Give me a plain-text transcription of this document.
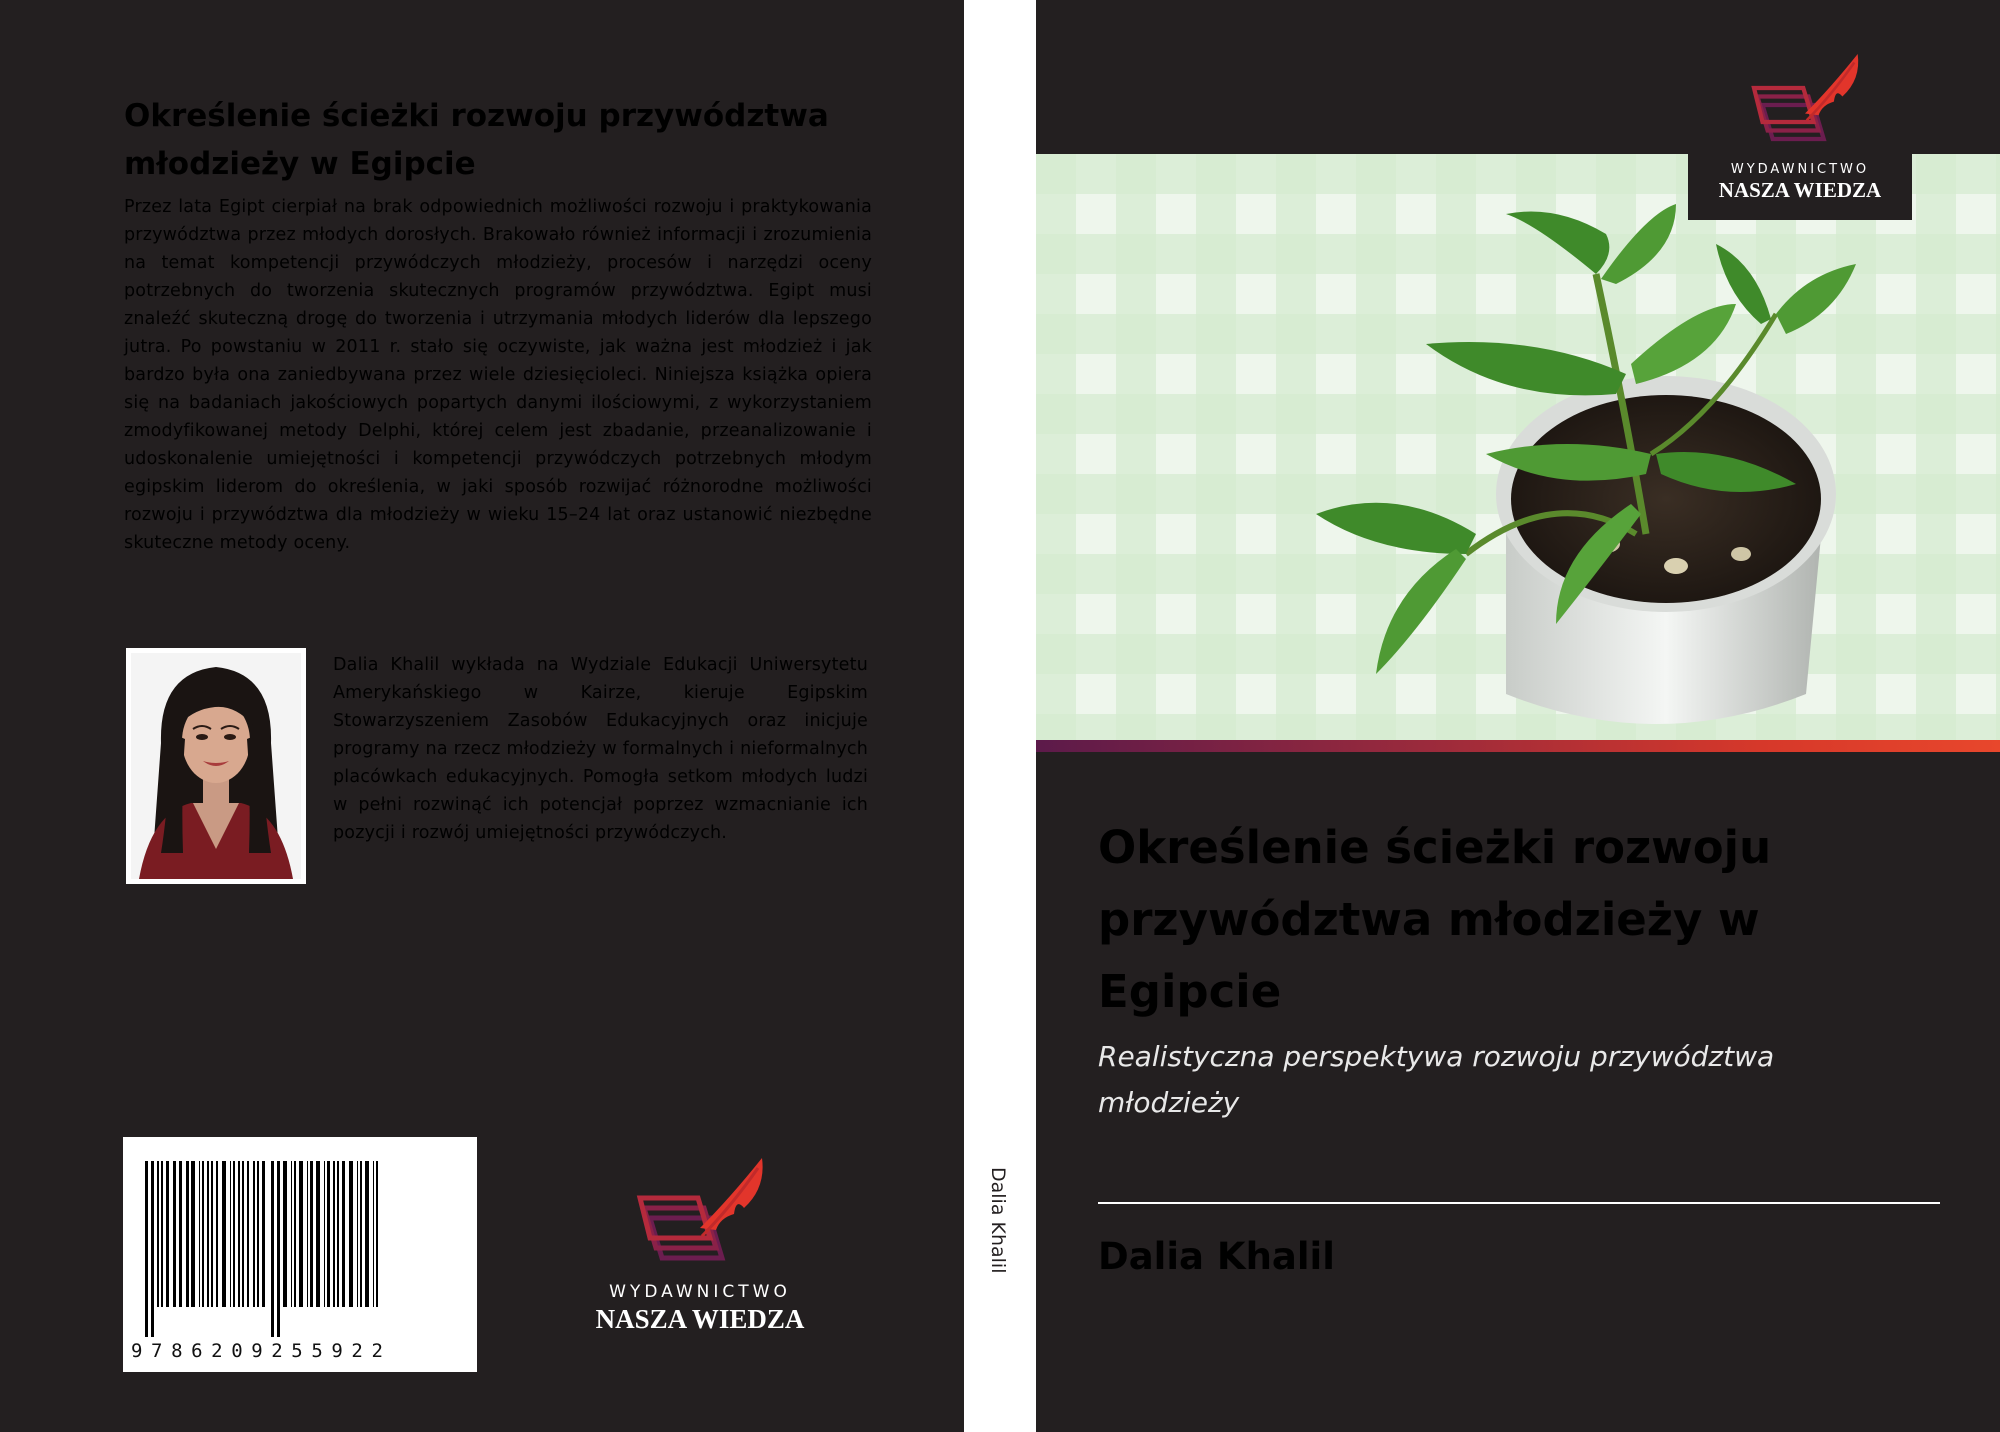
Określenie ścieżki rozwoju przywództwa młodzieży w Egipcie

Przez lata Egipt cierpiał na brak odpowiednich możliwości rozwoju i praktykowania przywództwa przez młodych dorosłych. Brakowało również informacji i zrozumienia na temat kompetencji przywódczych młodzieży, procesów i narzędzi oceny potrzebnych do tworzenia skutecznych programów przywództwa. Egipt musi znaleźć skuteczną drogę do tworzenia i utrzymania młodych liderów dla lepszego jutra. Po powstaniu w 2011 r. stało się oczywiste, jak ważna jest młodzież i jak bardzo była ona zaniedbywana przez wiele dziesięcioleci. Niniejsza książka opiera się na badaniach jakościowych popartych danymi ilościowymi, z wykorzystaniem zmodyfikowanej metody Delphi, której celem jest zbadanie, przeanalizowanie i udoskonalenie umiejętności i kompetencji przywódczych potrzebnych młodym egipskim liderom do określenia, w jaki sposób rozwijać różnorodne możliwości rozwoju i przywództwa dla młodzieży w wieku 15–24 lat oraz ustanowić niezbędne skuteczne metody oceny.

Dalia Khalil wykłada na Wydziale Edukacji Uniwersytetu Amerykańskiego w Kairze, kieruje Egipskim Stowarzyszeniem Zasobów Edukacyjnych oraz inicjuje programy na rzecz młodzieży w formalnych i nieformalnych placówkach edukacyjnych. Pomogła setkom młodych ludzi w pełni rozwinąć ich potencjał poprzez wzmacnianie ich pozycji i rozwój umiejętności przywódczych.

9786209255922
WYDAWNICTWO
NASZA WIEDZA
Dalia Khalil
WYDAWNICTWO
NASZA WIEDZA
Określenie ścieżki rozwoju przywództwa młodzieży w Egipcie

Realistyczna perspektywa rozwoju przywództwa młodzieży

Dalia Khalil
